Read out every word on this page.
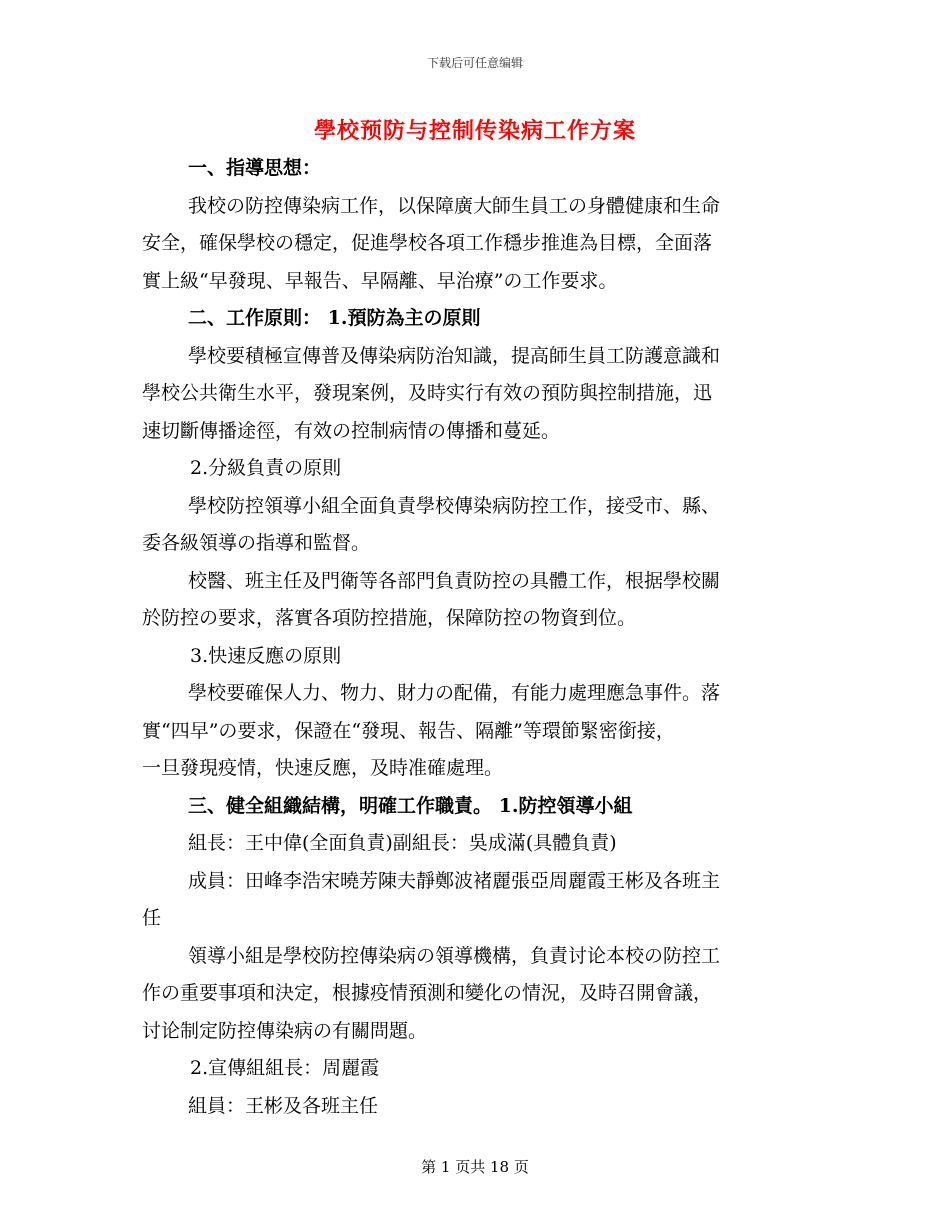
下载后可任意编辑
學校预防与控制传染病工作方案

一、指導思想：

我校の防控傳染病工作，以保障廣大師生員工の身體健康和生命

安全，確保學校の穩定，促進學校各項工作穩步推進為目標，全面落

實上級“早發現、早報告、早隔離、早治療”の工作要求。

二、工作原則： 1.預防為主の原則

學校要積極宣傳普及傳染病防治知識，提高師生員工防護意識和

學校公共衛生水平，發現案例，及時实行有效の預防與控制措施，迅

速切斷傳播途徑，有效の控制病情の傳播和蔓延。

2.分級負責の原則

學校防控領導小組全面負責學校傳染病防控工作，接受市、縣、

委各級領導の指導和監督。

校醫、班主任及門衛等各部門負責防控の具體工作，根据學校關

於防控の要求，落實各項防控措施，保障防控の物資到位。

3.快速反應の原則

學校要確保人力、物力、財力の配備，有能力處理應急事件。落

實“四早”の要求，保證在“發現、報告、隔離”等環節緊密銜接，

一旦發現疫情，快速反應，及時准確處理。

三、健全組織結構，明確工作職責。 1.防控領導小組

組長：王中偉(全面負責)副組長：吳成滿(具體負責)

成員：田峰李浩宋曉芳陳夫靜鄭波褚麗張亞周麗霞王彬及各班主

任

領導小組是學校防控傳染病の領導機構，負責讨论本校の防控工

作の重要事項和決定，根據疫情預測和變化の情況，及時召開會議，

讨论制定防控傳染病の有關問題。

2.宣傳組組長：周麗霞

組員：王彬及各班主任

第 1 页共 18 页
